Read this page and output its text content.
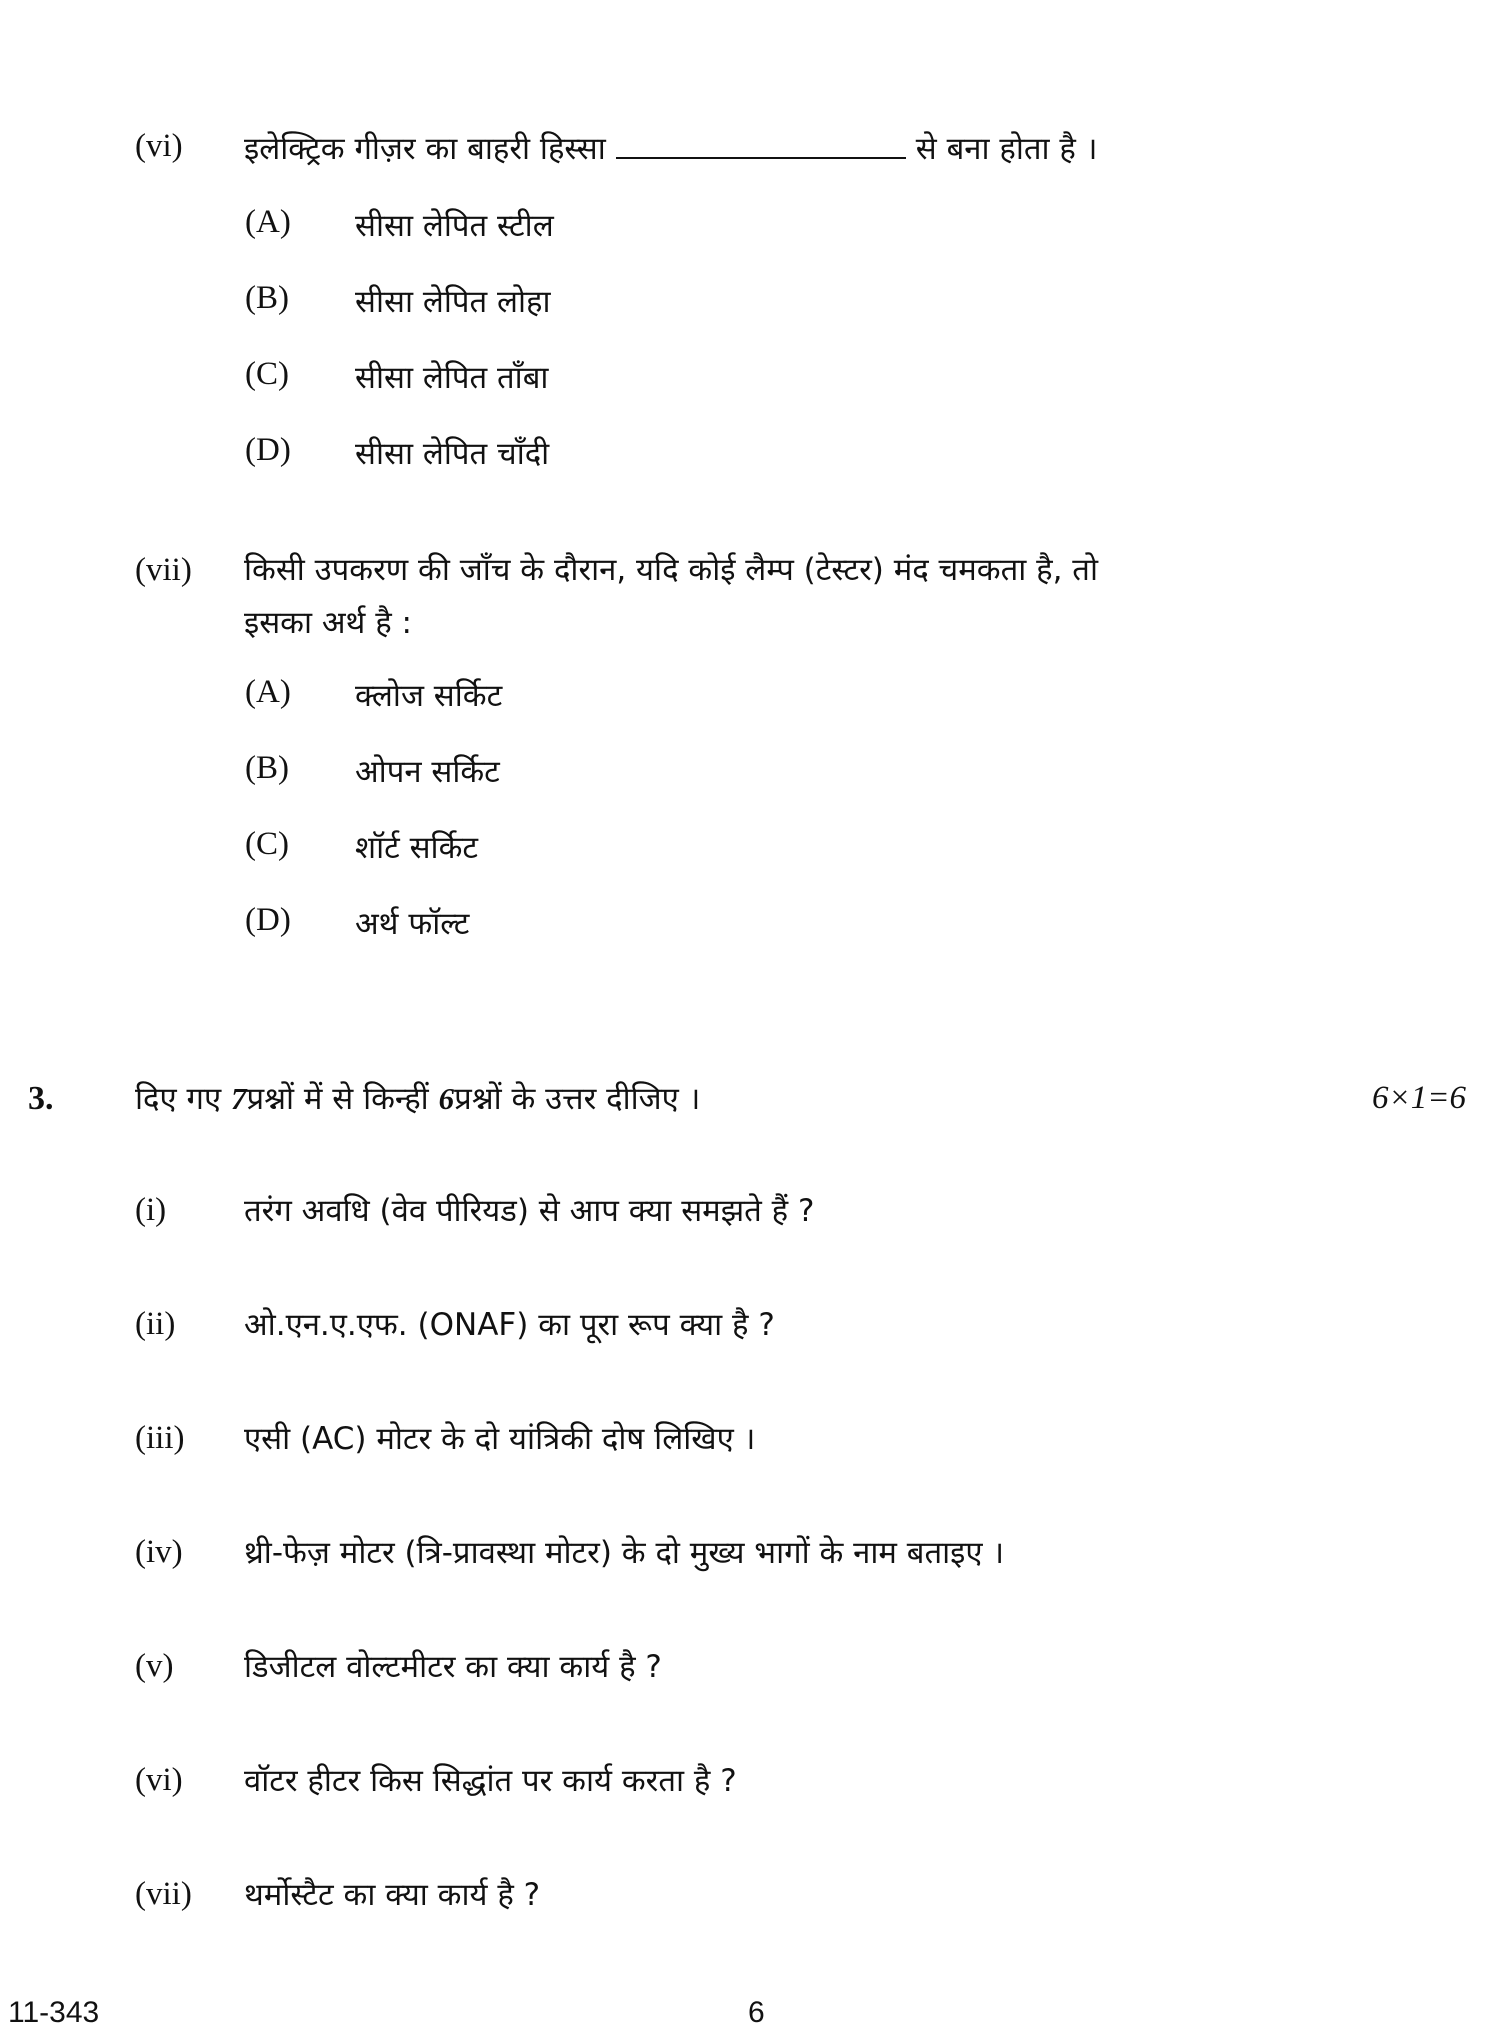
(vi) इलेक्ट्रिक गीज़र का बाहरी हिस्सा	से बना होता है ।
(A) सीसा लेपित स्टील
(B) सीसा लेपित लोहा
(C) सीसा लेपित ताँबा
(D) सीसा लेपित चाँदी
(vii) किसी उपकरण की जाँच के दौरान, यदि कोई लैम्प (टेस्टर) मंद चमकता है, तो
इसका अर्थ है :
(A) क्लोज सर्किट
(B) ओपन सर्किट
(C) शॉर्ट सर्किट
(D) अर्थ फॉल्ट
3.	दिए गए 7प्रश्नों में से किन्हीं 6प्रश्नों के उत्तर दीजिए ।	6×1=6
(i)	तरंग अवधि (वेव पीरियड) से आप क्या समझते हैं ?
(ii) ओ.एन.ए.एफ. (ONAF) का पूरा रूप क्या है ?
(iii) एसी (AC) मोटर के दो यांत्रिकी दोष लिखिए ।
(iv) थ्री-फेज़ मोटर (त्रि-प्रावस्था मोटर) के दो मुख्य भागों के नाम बताइए ।
(v) डिजीटल वोल्टमीटर का क्या कार्य है ?
(vi) वॉटर हीटर किस सिद्धांत पर कार्य करता है ?
(vii) थर्मोस्टैट का क्या कार्य है ?
11-343	6
